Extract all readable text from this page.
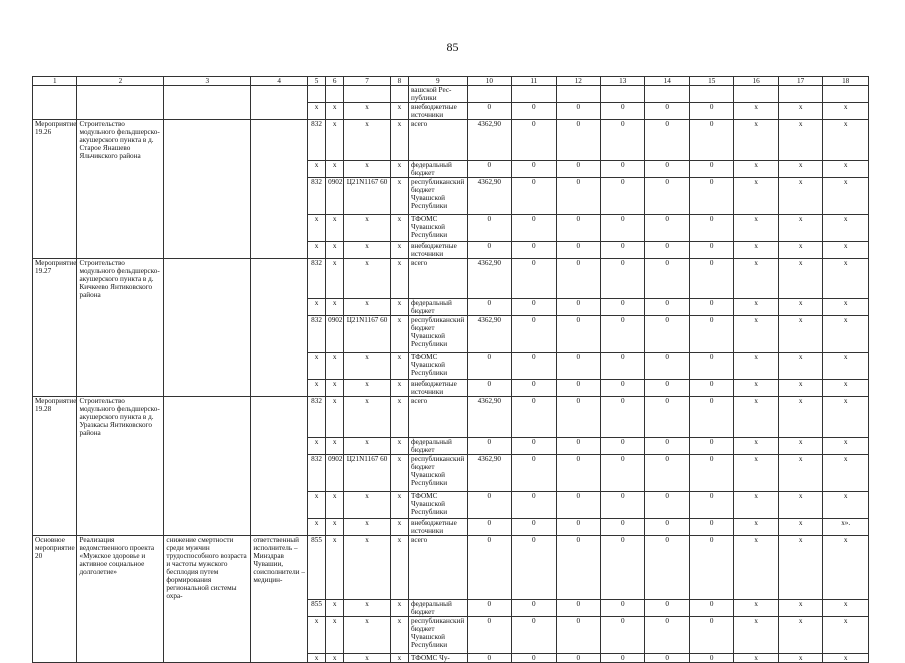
85
1	2	3	4	5	6	7	8	9	10	11	12	13	14	15	16	17	18
								вашской Рес-публики									
				х	х	х	х	внебюджетные источники	0	0	0	0	0	0	х	х	х
Мероприятие 19.26	Строительство модульного фельдшерско-акушерского пункта в д. Старое Янашево Яльчикского района			832	х	х	х	всего	4362,90	0	0	0	0	0	х	х	х
				х	х	х	х	федеральный бюджет	0	0	0	0	0	0	х	х	х
				832	0902	Ц21N1167 60	х	республиканский бюджет Чувашской Республики	4362,90	0	0	0	0	0	х	х	х
				х	х	х	х	ТФОМС Чувашской Республики	0	0	0	0	0	0	х	х	х
				х	х	х	х	внебюджетные источники	0	0	0	0	0	0	х	х	х
Мероприятие 19.27	Строительство модульного фельдшерско-акушерского пункта в д. Кичкеево Янтиковского района			832	х	х	х	всего	4362,90	0	0	0	0	0	х	х	х
				х	х	х	х	федеральный бюджет	0	0	0	0	0	0	х	х	х
				832	0902	Ц21N1167 60	х	республиканский бюджет Чувашской Республики	4362,90	0	0	0	0	0	х	х	х
				х	х	х	х	ТФОМС Чувашской Республики	0	0	0	0	0	0	х	х	х
				х	х	х	х	внебюджетные источники	0	0	0	0	0	0	х	х	х
Мероприятие 19.28	Строительство модульного фельдшерско-акушерского пункта в д. Уразкасы Янтиковского района			832	х	х	х	всего	4362,90	0	0	0	0	0	х	х	х
				х	х	х	х	федеральный бюджет	0	0	0	0	0	0	х	х	х
				832	0902	Ц21N1167 60	х	республиканский бюджет Чувашской Республики	4362,90	0	0	0	0	0	х	х	х
				х	х	х	х	ТФОМС Чувашской Республики	0	0	0	0	0	0	х	х	х
				х	х	х	х	внебюджетные источники	0	0	0	0	0	0	х	х	х».
Основное мероприятие 20	Реализация ведомственного проекта «Мужское здоровье и активное социальное долголетие»	снижение смертности среди мужчин трудоспособного возраста и частоты мужского бесплодия путем формирования региональной системы охра-	ответственный исполнитель – Минздрав Чувашии, соисполнители – медицин-	855	х	х	х	всего	0	0	0	0	0	0	х	х	х
				855	х	х	х	федеральный бюджет	0	0	0	0	0	0	х	х	х
				х	х	х	х	республиканский бюджет Чувашской Республики	0	0	0	0	0	0	х	х	х
				х	х	х	х	ТФОМС Чу-	0	0	0	0	0	0	х	х	х
